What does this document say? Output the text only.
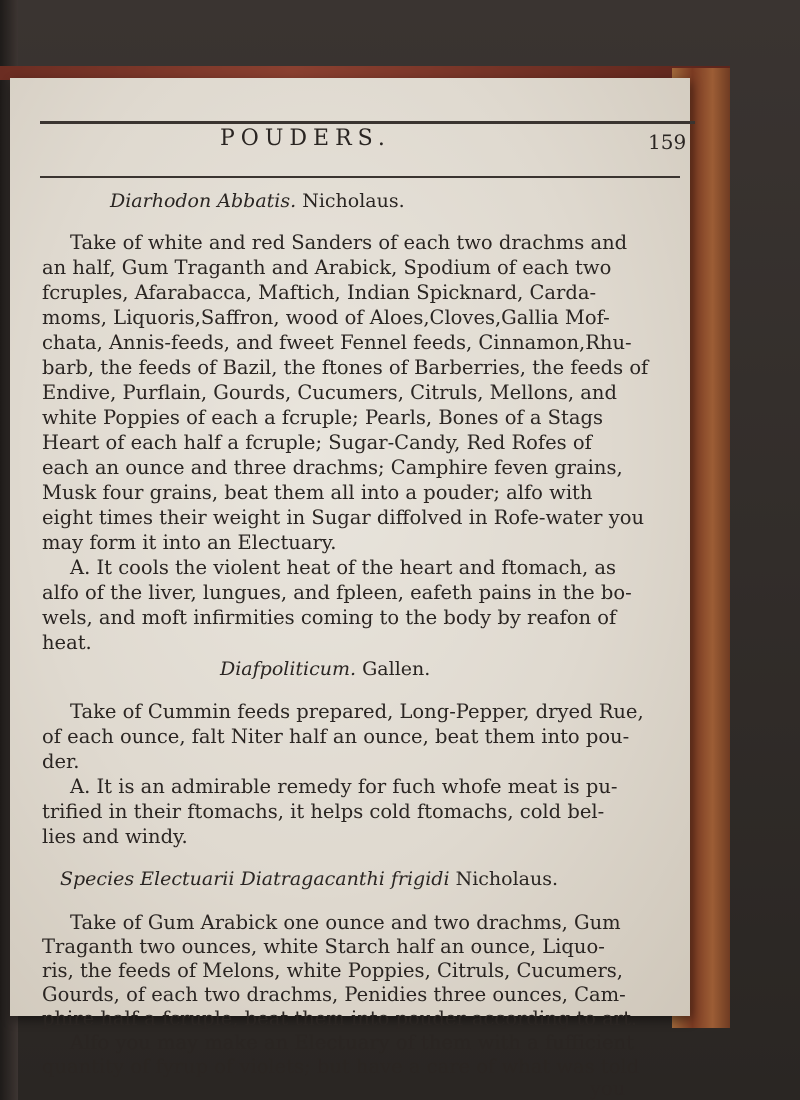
POUDERS.	159
Diarhodon Abbatis. Nicholaus.
Take of white and red Sanders of each two drachms and
an half, Gum Traganth and Arabick, Spodium of each two
fcruples, Afarabacca, Maftich, Indian Spicknard, Carda-
moms, Liquoris,Saffron, wood of Aloes,Cloves,Gallia Mof-
chata, Annis-feeds, and fweet Fennel feeds, Cinnamon,Rhu-
barb, the feeds of Bazil, the ftones of Barberries, the feeds of
Endive, Purflain, Gourds, Cucumers, Citruls, Mellons, and
white Poppies of each a fcruple; Pearls, Bones of a Stags
Heart of each half a fcruple; Sugar-Candy, Red Rofes of
each an ounce and three drachms; Camphire feven grains,
Musk four grains, beat them all into a pouder; alfo with
eight times their weight in Sugar diffolved in Rofe-water you
may form it into an Electuary.
A. It cools the violent heat of the heart and ftomach, as
alfo of the liver, lungues, and fpleen, eafeth pains in the bo-
wels, and moft infirmities coming to the body by reafon of
heat.
Diafpoliticum. Gallen.
Take of Cummin feeds prepared, Long-Pepper, dryed Rue,
of each ounce, falt Niter half an ounce, beat them into pou-
der.
A. It is an admirable remedy for fuch whofe meat is pu-
trified in their ftomachs, it helps cold ftomachs, cold bel-
lies and windy.
Species Electuarii Diatragacanthi frigidi Nicholaus.
Take of Gum Arabick one ounce and two drachms, Gum
Traganth two ounces, white Starch half an ounce, Liquo-
ris, the feeds of Melons, white Poppies, Citruls, Cucumers,
Gourds, of each two drachms, Penidies three ounces, Cam-
phire half a fcruple, beat them into pouder according to art.
Alfo you may make an Electuary of them with a fufficient
quantity of fyrup of violets; but have a care of what was told
you
